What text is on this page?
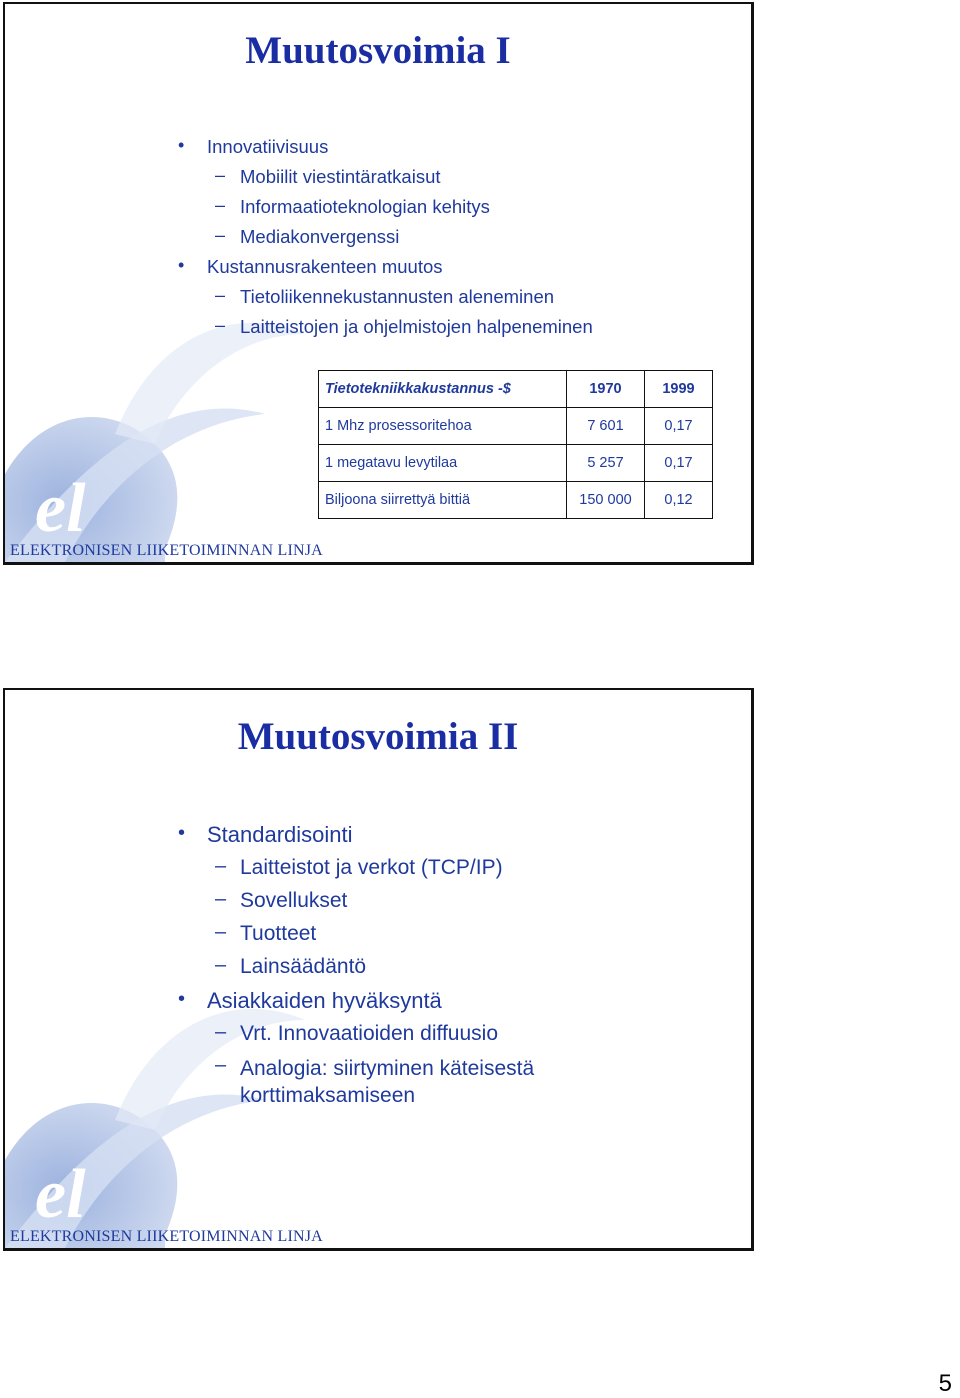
el
ELEKTRONISEN LIIKETOIMINNAN LINJA
Muutosvoimia I
• Innovatiivisuus
– Mobiilit viestintäratkaisut
– Informaatioteknologian kehitys
– Mediakonvergenssi
• Kustannusrakenteen muutos
– Tietoliikennekustannusten aleneminen
– Laitteistojen ja ohjelmistojen halpeneminen
Tietotekniikkakustannus -$	1970	1999
1 Mhz prosessoritehoa	7 601	0,17
1 megatavu levytilaa	5 257	0,17
Biljoona siirrettyä bittiä	150 000	0,12
el
ELEKTRONISEN LIIKETOIMINNAN LINJA
Muutosvoimia II
• Standardisointi
– Laitteistot ja verkot (TCP/IP)
– Sovellukset
– Tuotteet
– Lainsäädäntö
• Asiakkaiden hyväksyntä
– Vrt. Innovaatioiden diffuusio
– Analogia: siirtyminen käteisestä korttimaksamiseen
5
